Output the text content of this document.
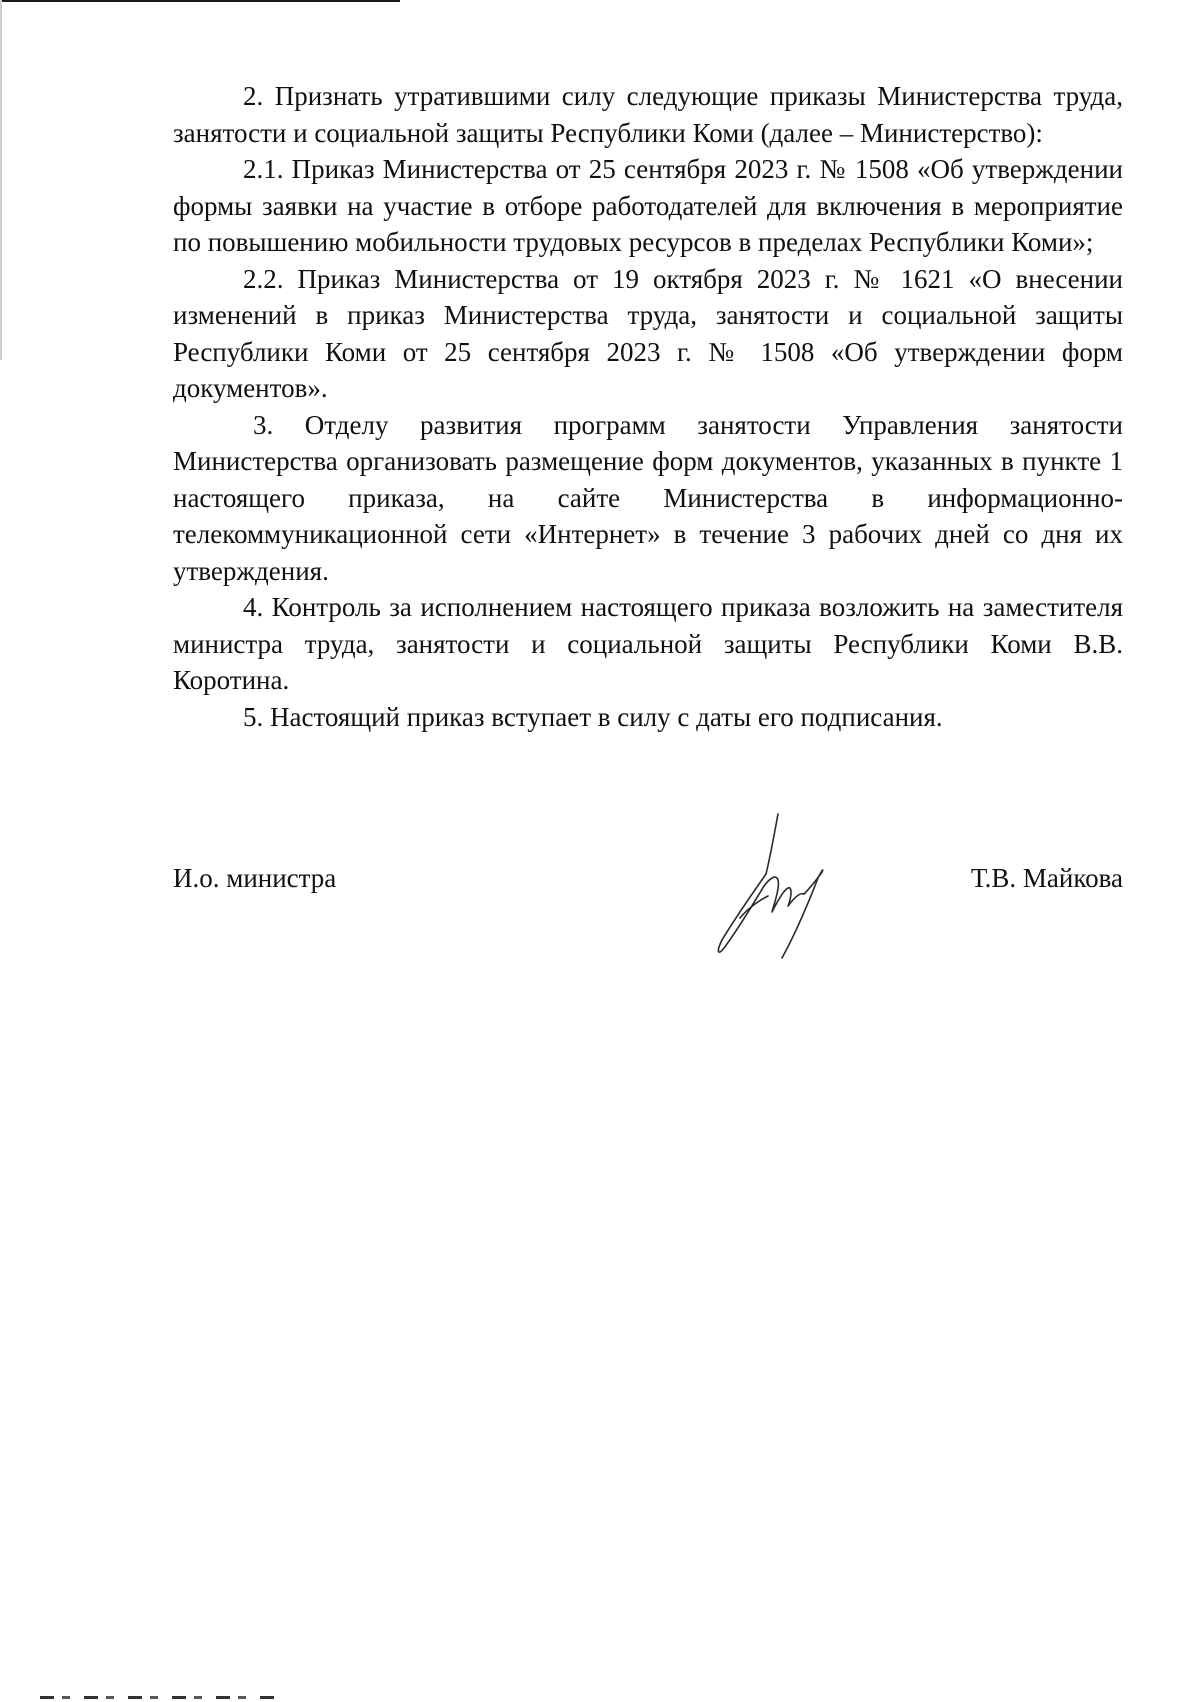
2. Признать утратившими силу следующие приказы Министерства труда, занятости и социальной защиты Республики Коми (далее – Министерство):

2.1. Приказ Министерства от 25 сентября 2023 г. № 1508 «Об утверждении формы заявки на участие в отборе работодателей для включения в мероприятие по повышению мобильности трудовых ресурсов в пределах Республики Коми»;

2.2. Приказ Министерства от 19 октября 2023 г. № 1621 «О внесении изменений в приказ Министерства труда, занятости и социальной защиты Республики Коми от 25 сентября 2023 г. № 1508 «Об утверждении форм документов».

3. Отделу развития программ занятости Управления занятости Министерства организовать размещение форм документов, указанных в пункте 1 настоящего приказа, на сайте Министерства в информационно-телекоммуникационной сети «Интернет» в течение 3 рабочих дней со дня их утверждения.

4. Контроль за исполнением настоящего приказа возложить на заместителя министра труда, занятости и социальной защиты Республики Коми В.В. Коротина.

5. Настоящий приказ вступает в силу с даты его подписания.

И.о. министра	Т.В. Майкова
